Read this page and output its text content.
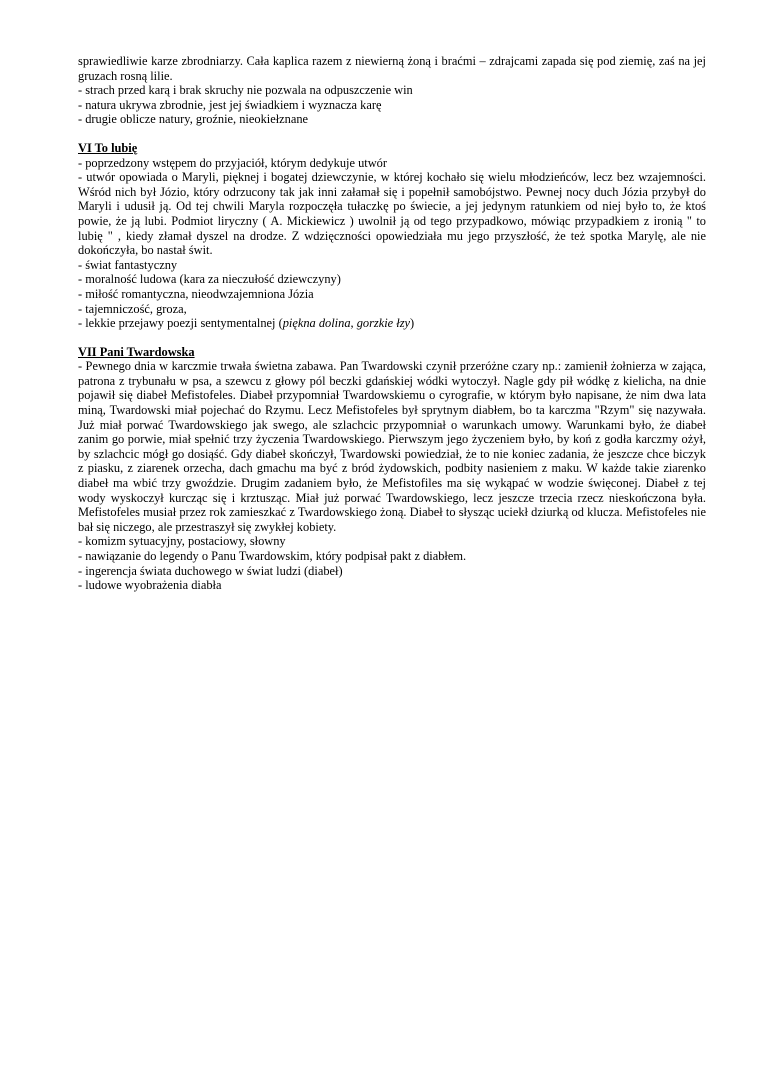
sprawiedliwie karze zbrodniarzy. Cała kaplica razem z niewierną żoną i braćmi – zdrajcami zapada się pod ziemię, zaś na jej gruzach rosną lilie.

- strach przed karą i brak skruchy nie pozwala na odpuszczenie win

- natura ukrywa zbrodnie, jest jej świadkiem i wyznacza karę

- drugie oblicze natury, groźnie, nieokiełznane

VI To lubię

- poprzedzony wstępem do przyjaciół, którym dedykuje utwór

- utwór opowiada o Maryli, pięknej i bogatej dziewczynie, w której kochało się wielu młodzieńców, lecz bez wzajemności. Wśród nich był Józio, który odrzucony tak jak inni załamał się i popełnił samobójstwo. Pewnej nocy duch Józia przybył do Maryli i udusił ją. Od tej chwili Maryla rozpoczęła tułaczkę po świecie, a jej jedynym ratunkiem od niej było to, że ktoś powie, że ją lubi. Podmiot liryczny ( A. Mickiewicz ) uwolnił ją od tego przypadkowo, mówiąc przypadkiem z ironią " to lubię " , kiedy złamał dyszel na drodze. Z wdzięczności opowiedziała mu jego przyszłość, że też spotka Marylę, ale nie dokończyła, bo nastał świt.

- świat fantastyczny

- moralność ludowa (kara za nieczułość dziewczyny)

- miłość romantyczna, nieodwzajemniona Józia

- tajemniczość, groza,

- lekkie przejawy poezji sentymentalnej (piękna dolina, gorzkie łzy)

VII Pani Twardowska

- Pewnego dnia w karczmie trwała świetna zabawa. Pan Twardowski czynił przeróżne czary np.: zamienił żołnierza w zająca, patrona z trybunału w psa, a szewcu z głowy pól beczki gdańskiej wódki wytoczył. Nagle gdy pił wódkę z kielicha, na dnie pojawił się diabeł Mefistofeles. Diabeł przypomniał Twardowskiemu o cyrografie, w którym było napisane, że nim dwa lata miną, Twardowski miał pojechać do Rzymu. Lecz Mefistofeles był sprytnym diabłem, bo ta karczma "Rzym" się nazywała. Już miał porwać Twardowskiego jak swego, ale szlachcic przypomniał o warunkach umowy. Warunkami było, że diabeł zanim go porwie, miał spełnić trzy życzenia Twardowskiego. Pierwszym jego życzeniem było, by koń z godła karczmy ożył, by szlachcic mógł go dosiąść. Gdy diabeł skończył, Twardowski powiedział, że to nie koniec zadania, że jeszcze chce biczyk z piasku, z ziarenek orzecha, dach gmachu ma być z bród żydowskich, podbity nasieniem z maku. W każde takie ziarenko diabeł ma wbić trzy gwoździe. Drugim zadaniem było, że Mefistofiles ma się wykąpać w wodzie święconej. Diabeł z tej wody wyskoczył kurcząc się i krztusząc. Miał już porwać Twardowskiego, lecz jeszcze trzecia rzecz nieskończona była. Mefistofeles musiał przez rok zamieszkać z Twardowskiego żoną. Diabeł to słysząc uciekł dziurką od klucza. Mefistofeles nie bał się niczego, ale przestraszył się zwykłej kobiety.

- komizm sytuacyjny, postaciowy, słowny

- nawiązanie do legendy o Panu Twardowskim, który podpisał pakt z diabłem.

- ingerencja świata duchowego w świat ludzi (diabeł)

- ludowe wyobrażenia diabła
